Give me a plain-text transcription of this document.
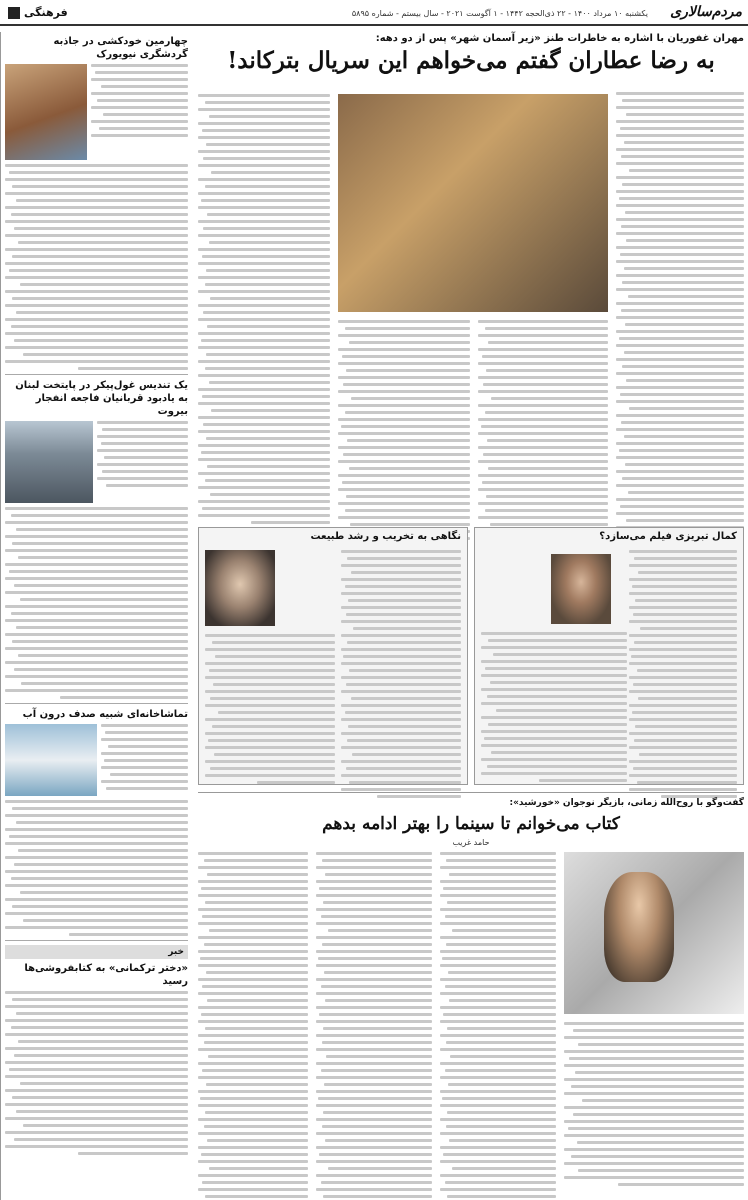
مردم‌سالاری
یکشنبه ۱۰ مرداد ۱۴۰۰ - ۲۲ ذی‌الحجه ۱۴۴۲ - ۱ آگوست ۲۰۲۱ - سال بیستم - شماره ۵۸۹۵
فرهنگی
چهارمین خودکشی در جاذبه گردشگری نیویورک
یک تندیس غول‌پیکر در پایتخت لبنان به یادبود قربانیان فاجعه انفجار بیروت
تماشاخانه‌ای شبیه صدف درون آب
خبر
«دختر ترکمانی» به کتابفروشی‌ها رسید
مهران غفوریان با اشاره به خاطرات طنز «زیر آسمان شهر» پس از دو دهه:
به رضا عطاران گفتم می‌خواهم این سریال بترکاند!
کمال تبریزی فیلم می‌سازد؟
نگاهی به تخریب و رشد طبیعت
گفت‌وگو با روح‌الله زمانی، بازیگر نوجوان «خورشید»:
کتاب می‌خوانم تا سینما را بهتر ادامه بدهم
حامد غریب
